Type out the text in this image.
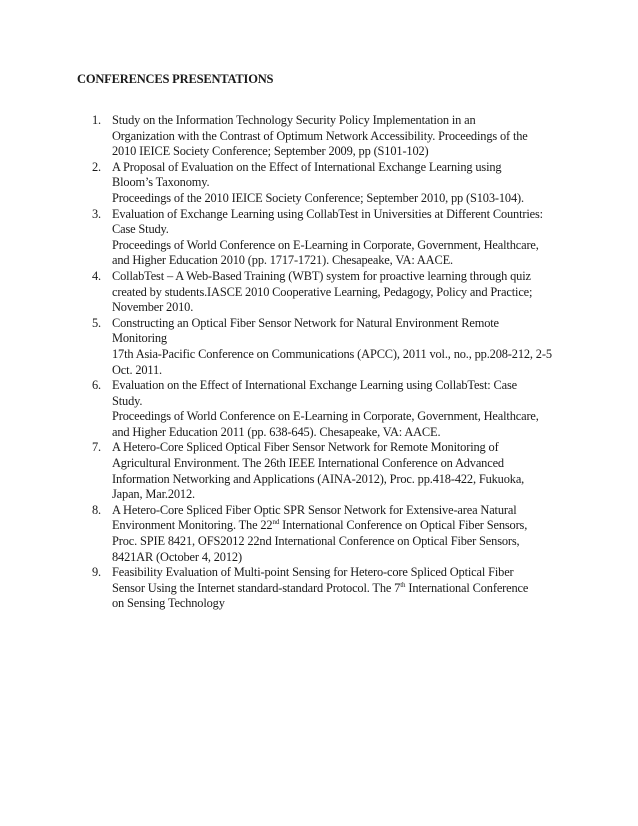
CONFERENCES PRESENTATIONS
1. Study on the Information Technology Security Policy Implementation in an
Organization with the Contrast of Optimum Network Accessibility. Proceedings of the
2010 IEICE Society Conference; September 2009, pp (S101-102)
2. A Proposal of Evaluation on the Effect of International Exchange Learning using
Bloom’s Taxonomy.
Proceedings of the 2010 IEICE Society Conference; September 2010, pp (S103-104).
3. Evaluation of Exchange Learning using CollabTest in Universities at Different Countries:
Case Study.
Proceedings of World Conference on E-Learning in Corporate, Government, Healthcare,
and Higher Education 2010 (pp. 1717-1721). Chesapeake, VA: AACE.
4. CollabTest – A Web-Based Training (WBT) system for proactive learning through quiz
created by students.IASCE 2010 Cooperative Learning, Pedagogy, Policy and Practice;
November 2010.
5. Constructing an Optical Fiber Sensor Network for Natural Environment Remote
Monitoring
17th Asia-Pacific Conference on Communications (APCC), 2011 vol., no., pp.208-212, 2-5
Oct. 2011.
6. Evaluation on the Effect of International Exchange Learning using CollabTest: Case
Study.
Proceedings of World Conference on E-Learning in Corporate, Government, Healthcare,
and Higher Education 2011 (pp. 638-645). Chesapeake, VA: AACE.
7. A Hetero-Core Spliced Optical Fiber Sensor Network for Remote Monitoring of
Agricultural Environment. The 26th IEEE International Conference on Advanced
Information Networking and Applications (AINA-2012), Proc. pp.418-422, Fukuoka,
Japan, Mar.2012.
8. A Hetero-Core Spliced Fiber Optic SPR Sensor Network for Extensive-area Natural
Environment Monitoring. The 22nd International Conference on Optical Fiber Sensors,
Proc. SPIE 8421, OFS2012 22nd International Conference on Optical Fiber Sensors,
8421AR (October 4, 2012)
9. Feasibility Evaluation of Multi-point Sensing for Hetero-core Spliced Optical Fiber
Sensor Using the Internet standard-standard Protocol. The 7th International Conference
on Sensing Technology
